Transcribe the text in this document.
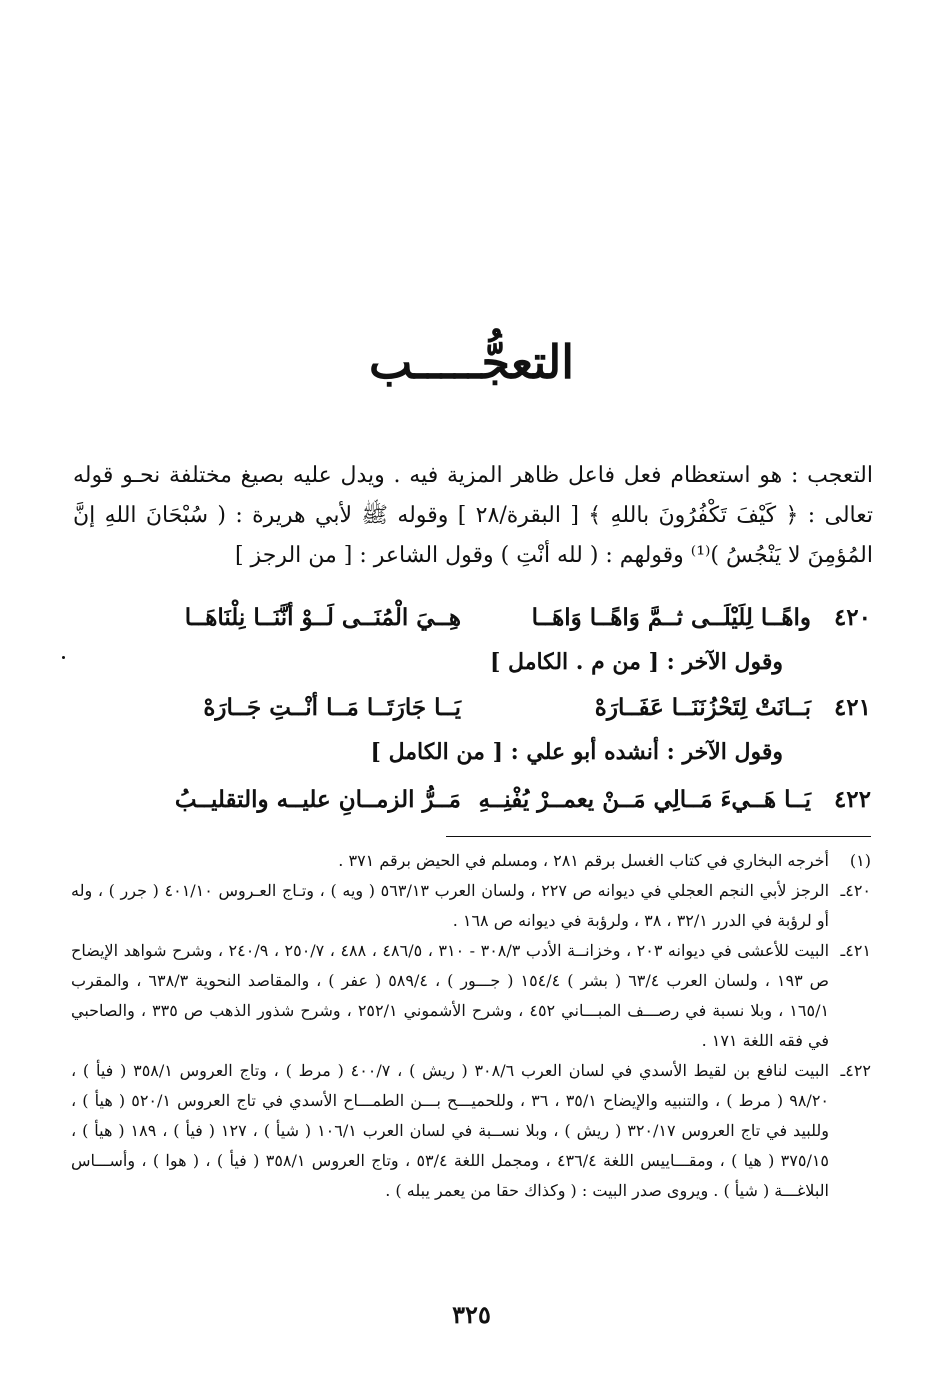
التعجُّـــــب

التعجب : هو استعظام فعل فاعل ظاهر المزية فيه . ويدل عليه بصيغ مختلفة نحـو قوله تعالى : ﴿ كَيْفَ تَكْفُرُونَ باللهِ ﴾ [ البقرة/٢٨ ] وقوله ﷺ لأبي هريرة : ( سُبْحَانَ اللهِ إنَّ المُؤمِنَ لا يَنْجُسُ )⁽¹⁾ وقولهم : ( لله أنْتِ ) وقول الشاعر : [ من الرجز ]

٤٢٠
واهًــا لِلَيْلَــى ثــمَّ وَاهًــا وَاهَــا
هِــيَ الْمُنَــى لَــوْ أنَّنَــا نِلْنَاهَــا
وقول الآخر : [ من م . الكامل ]
٤٢١
بَــانَتْ لِتَحْزُنَنَــا عَفَــارَهْ
يَــا جَارَتَــا مَــا أنْــتِ جَــارَهْ
وقول الآخر : أنشده أبو علي : [ من الكامل ]
٤٢٢
يَــا هَــيءَ مَــالِي مَــنْ يعمــرْ يُفْنِــهِ
مَــرُّ الزمــانِ عليــه والتقليــبُ
(١)
أخرجه البخاري في كتاب الغسل برقم ٢٨١ ، ومسلم في الحيض برقم ٣٧١ .
٤٢٠ـ
الرجز لأبي النجم العجلي في ديوانه ص ٢٢٧ ، ولسان العرب ٥٦٣/١٣ ( ويه ) ، وتـاج العـروس ٤٠١/١٠ ( جرر ) ، وله أو لرؤبة في الدرر ٣٢/١ ، ٣٨ ، ولرؤبة في ديوانه ص ١٦٨ .
٤٢١ـ
البيت للأعشى في ديوانه ٢٠٣ ، وخزانــة الأدب ٣٠٨/٣ - ٣١٠ ، ٤٨٦/٥ ، ٤٨٨ ، ٢٥٠/٧ ، ٢٤٠/٩ ، وشرح شواهد الإيضاح ص ١٩٣ ، ولسان العرب ٦٣/٤ ( بشر ) ١٥٤/٤ ( جـــور ) ، ٥٨٩/٤ ( عفر ) ، والمقاصد النحوية ٦٣٨/٣ ، والمقرب ١٦٥/١ ، وبلا نسبة في رصـــف المبـــاني ٤٥٢ ، وشرح الأشموني ٢٥٢/١ ، وشرح شذور الذهب ص ٣٣٥ ، والصاحبي في فقه اللغة ١٧١ .
٤٢٢ـ
البيت لنافع بن لقيط الأسدي في لسان العرب ٣٠٨/٦ ( ريش ) ، ٤٠٠/٧ ( مرط ) ، وتاج العروس ٣٥٨/١ ( فيأ ) ، ٩٨/٢٠ ( مرط ) ، والتنبيه والإيضاح ٣٥/١ ، ٣٦ ، وللحميـــح بـــن الطمـــاح الأسدي في تاج العروس ٥٢٠/١ ( هيأ ) ، وللبيد في تاج العروس ٣٢٠/١٧ ( ريش ) ، وبلا نســبة في لسان العرب ١٠٦/١ ( شيأ ) ، ١٢٧ ( فيأ ) ، ١٨٩ ( هيأ ) ، ٣٧٥/١٥ ( هيا ) ، ومقـــاييس اللغة ٤٣٦/٤ ، ومجمل اللغة ٥٣/٤ ، وتاج العروس ٣٥٨/١ ( فيأ ) ، ( هوا ) ، وأســـاس البلاغـــة ( شيأ ) . ويروى صدر البيت : ( وكذاك حقا من يعمر يبله ) .
٣٢٥
